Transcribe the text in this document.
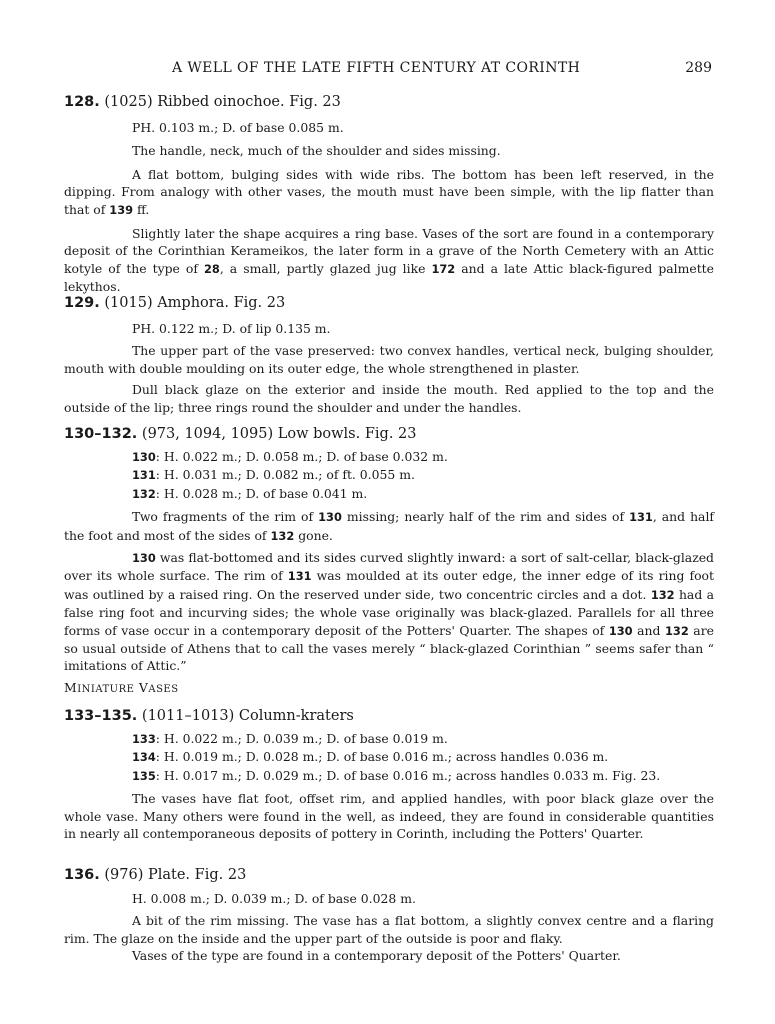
A WELL OF THE LATE FIFTH CENTURY AT CORINTH	289
128. (1025) Ribbed oinochoe. Fig. 23
PH. 0.103 m.; D. of base 0.085 m.

The handle, neck, much of the shoulder and sides missing.

A flat bottom, bulging sides with wide ribs. The bottom has been left reserved, in the dipping. From analogy with other vases, the mouth must have been simple, with the lip flatter than that of 139 ff.

Slightly later the shape acquires a ring base. Vases of the sort are found in a contemporary deposit of the Corinthian Kerameikos, the later form in a grave of the North Cemetery with an Attic kotyle of the type of 28, a small, partly glazed jug like 172 and a late Attic black-figured palmette lekythos.

129. (1015) Amphora. Fig. 23
PH. 0.122 m.; D. of lip 0.135 m.

The upper part of the vase preserved: two convex handles, vertical neck, bulging shoulder, mouth with double moulding on its outer edge, the whole strengthened in plaster.

Dull black glaze on the exterior and inside the mouth. Red applied to the top and the outside of the lip; three rings round the shoulder and under the handles.

130–132. (973, 1094, 1095) Low bowls. Fig. 23
130: H. 0.022 m.; D. 0.058 m.; D. of base 0.032 m.
131: H. 0.031 m.; D. 0.082 m.; of ft. 0.055 m.
132: H. 0.028 m.; D. of base 0.041 m.

Two fragments of the rim of 130 missing; nearly half of the rim and sides of 131, and half the foot and most of the sides of 132 gone.

130 was flat-bottomed and its sides curved slightly inward: a sort of salt-cellar, black-glazed over its whole surface. The rim of 131 was moulded at its outer edge, the inner edge of its ring foot was outlined by a raised ring. On the reserved under side, two concentric circles and a dot. 132 had a false ring foot and incurving sides; the whole vase originally was black-glazed. Parallels for all three forms of vase occur in a contemporary deposit of the Potters' Quarter. The shapes of 130 and 132 are so usual outside of Athens that to call the vases merely “ black-glazed Corinthian ” seems safer than “ imitations of Attic.”

MINIATURE VASES
133–135. (1011–1013) Column-kraters
133: H. 0.022 m.; D. 0.039 m.; D. of base 0.019 m.
134: H. 0.019 m.; D. 0.028 m.; D. of base 0.016 m.; across handles 0.036 m.
135: H. 0.017 m.; D. 0.029 m.; D. of base 0.016 m.; across handles 0.033 m. Fig. 23.

The vases have flat foot, offset rim, and applied handles, with poor black glaze over the whole vase. Many others were found in the well, as indeed, they are found in considerable quantities in nearly all contemporaneous deposits of pottery in Corinth, including the Potters' Quarter.

136. (976) Plate. Fig. 23
H. 0.008 m.; D. 0.039 m.; D. of base 0.028 m.

A bit of the rim missing. The vase has a flat bottom, a slightly convex centre and a flaring rim. The glaze on the inside and the upper part of the outside is poor and flaky.

Vases of the type are found in a contemporary deposit of the Potters' Quarter.
